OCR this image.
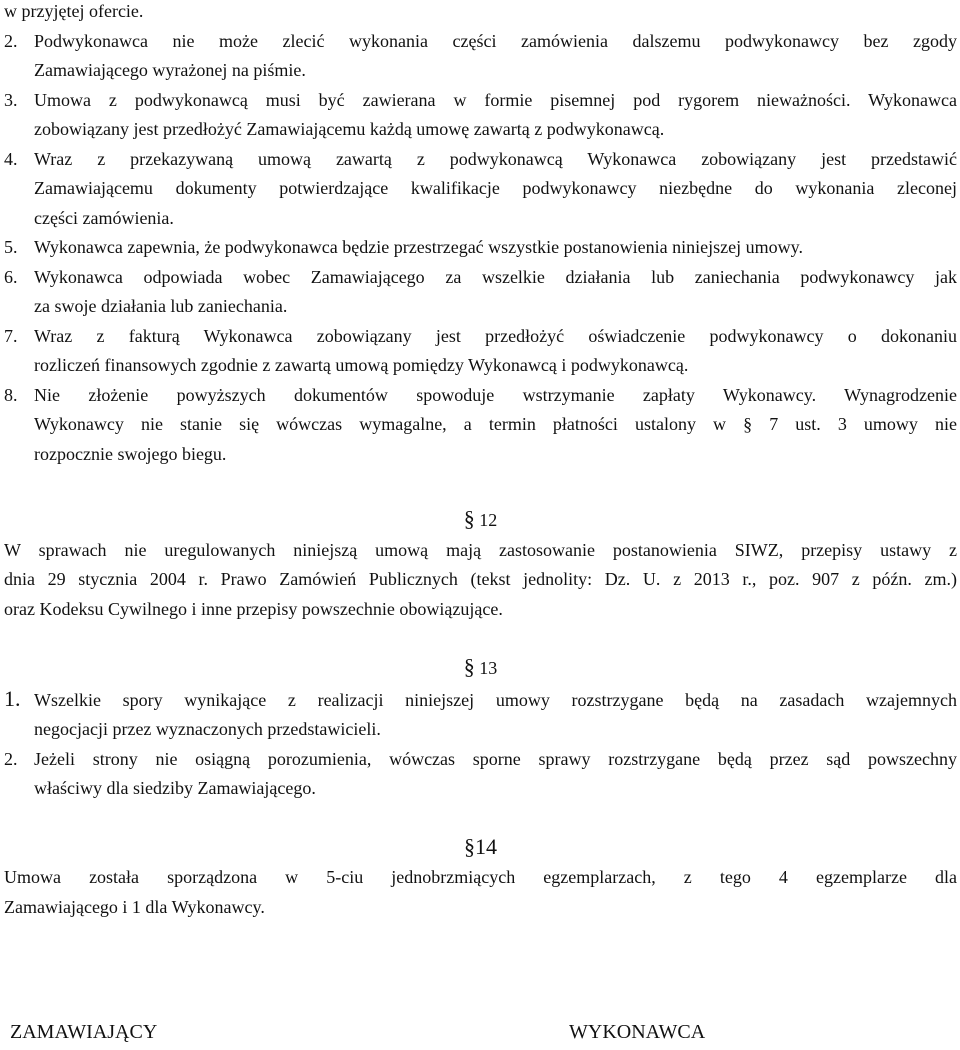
w przyjętej ofercie.
2. Podwykonawca nie może zlecić wykonania części zamówienia dalszemu podwykonawcy bez zgody
Zamawiającego wyrażonej na piśmie.
3. Umowa z podwykonawcą musi być zawierana w formie pisemnej pod rygorem nieważności. Wykonawca
zobowiązany jest przedłożyć Zamawiającemu każdą umowę zawartą z podwykonawcą.
4. Wraz z przekazywaną umową zawartą z podwykonawcą Wykonawca zobowiązany jest przedstawić
Zamawiającemu dokumenty potwierdzające kwalifikacje podwykonawcy niezbędne do wykonania zleconej
części zamówienia.
5. Wykonawca zapewnia, że podwykonawca będzie przestrzegać wszystkie postanowienia niniejszej umowy.
6. Wykonawca odpowiada wobec Zamawiającego za wszelkie działania lub zaniechania podwykonawcy jak
za swoje działania lub zaniechania.
7. Wraz z fakturą Wykonawca zobowiązany jest przedłożyć oświadczenie podwykonawcy o dokonaniu
rozliczeń finansowych zgodnie z zawartą umową pomiędzy Wykonawcą i podwykonawcą.
8. Nie złożenie powyższych dokumentów spowoduje wstrzymanie zapłaty Wykonawcy. Wynagrodzenie
Wykonawcy nie stanie się wówczas wymagalne, a termin płatności ustalony w § 7 ust. 3 umowy nie
rozpocznie swojego biegu.
§ 12
W sprawach nie uregulowanych niniejszą umową mają zastosowanie postanowienia SIWZ, przepisy ustawy z
dnia 29 stycznia 2004 r. Prawo Zamówień Publicznych (tekst jednolity: Dz. U. z 2013 r., poz. 907 z późn. zm.)
oraz Kodeksu Cywilnego i inne przepisy powszechnie obowiązujące.
§ 13
1. Wszelkie spory wynikające z realizacji niniejszej umowy rozstrzygane będą na zasadach wzajemnych
negocjacji przez wyznaczonych przedstawicieli.
2. Jeżeli strony nie osiągną porozumienia, wówczas sporne sprawy rozstrzygane będą przez sąd powszechny
właściwy dla siedziby Zamawiającego.
§14
Umowa została sporządzona w 5-ciu jednobrzmiących egzemplarzach, z tego 4 egzemplarze dla
Zamawiającego i 1 dla Wykonawcy.
ZAMAWIAJĄCY	WYKONAWCA
